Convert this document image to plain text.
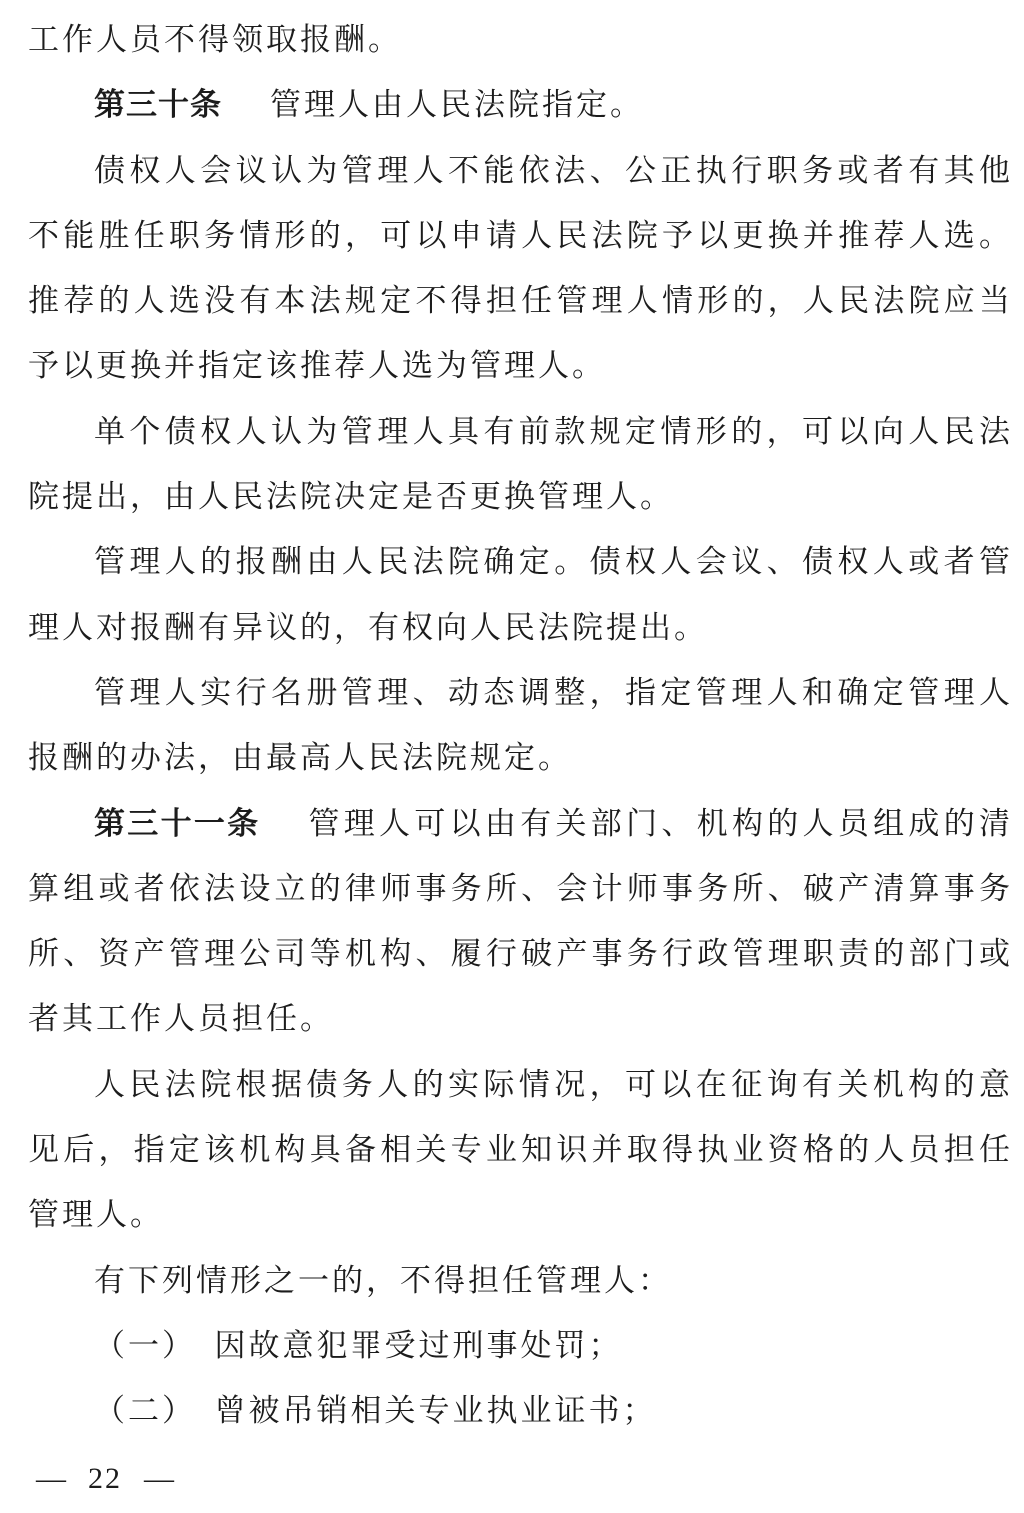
工作人员不得领取报酬。
第三十条 管理人由人民法院指定。
债权人会议认为管理人不能依法、公正执行职务或者有其他
不能胜任职务情形的，可以申请人民法院予以更换并推荐人选。
推荐的人选没有本法规定不得担任管理人情形的，人民法院应当
予以更换并指定该推荐人选为管理人。
单个债权人认为管理人具有前款规定情形的，可以向人民法
院提出，由人民法院决定是否更换管理人。
管理人的报酬由人民法院确定。债权人会议、债权人或者管
理人对报酬有异议的，有权向人民法院提出。
管理人实行名册管理、动态调整，指定管理人和确定管理人
报酬的办法，由最高人民法院规定。
第三十一条 管理人可以由有关部门、机构的人员组成的清
算组或者依法设立的律师事务所、会计师事务所、破产清算事务
所、资产管理公司等机构、履行破产事务行政管理职责的部门或
者其工作人员担任。
人民法院根据债务人的实际情况，可以在征询有关机构的意
见后，指定该机构具备相关专业知识并取得执业资格的人员担任
管理人。
有下列情形之一的，不得担任管理人：
（一）　因故意犯罪受过刑事处罚；
（二）　曾被吊销相关专业执业证书；
— 22 —
